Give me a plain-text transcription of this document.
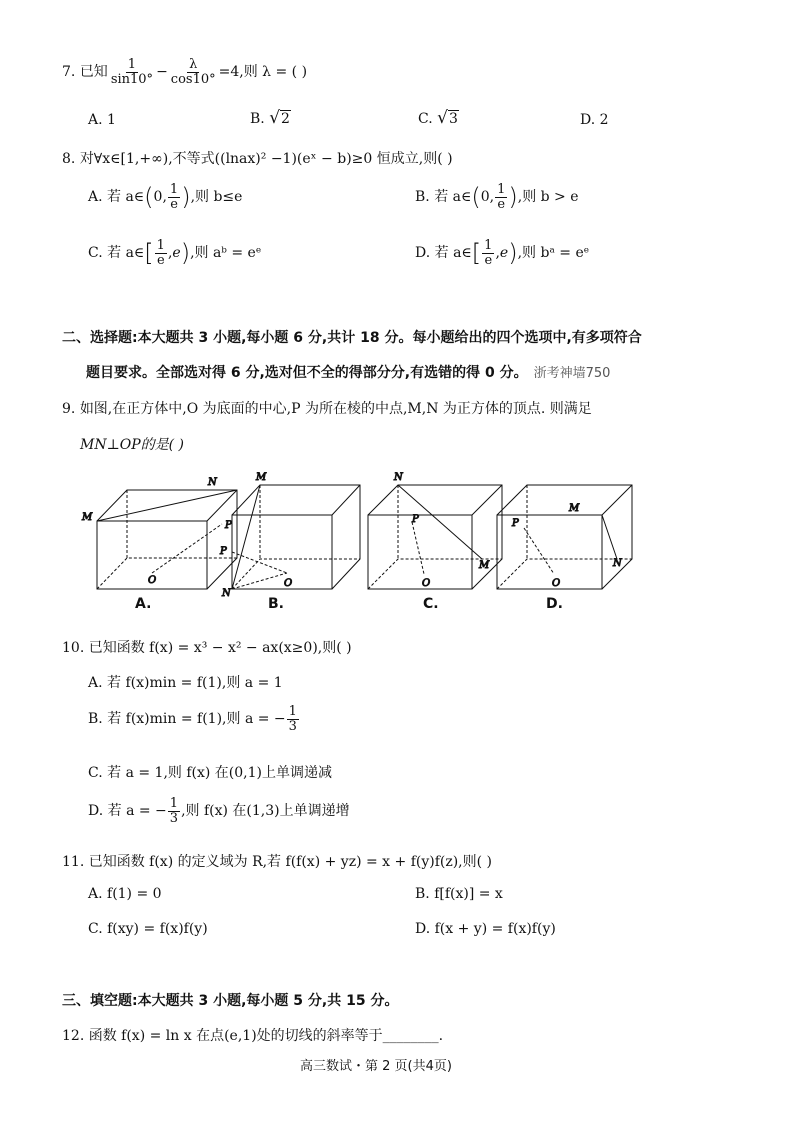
7. 已知 $\frac{1}{\sin 10^\circ} - \frac{\lambda}{\cos 10^\circ} =4$,则 λ = ( )
A. 1	B. √2	C. √3	D. 2
8. 对∀x∈[1,+∞),不等式((lnax)² −1)(eˣ − b)≥0 恒成立,则( )
A. 若 a∈(0, $\frac{1}{e}$ ),则 b≤e	B. 若 a∈(0, $\frac{1}{e}$ ),则 b > e
C. 若 a∈[ $\frac{1}{e} ,e$),则 aᵇ = eᵉ	D. 若 a∈[ $\frac{1}{e} ,e$),则 bᵃ = eᵉ
二、选择题:本大题共 3 小题,每小题 6 分,共计 18 分。每小题给出的四个选项中,有多项符合
题目要求。全部选对得 6 分,选对但不全的得部分分,有选错的得 0 分。 浙考神墙750
9. 如图,在正方体中,O 为底面的中心,P 为所在棱的中点,M,N 为正方体的顶点. 则满足
MN⊥OP的是( )
M
N
P
O
M
P
N
O
N
P
M
O
M
P
N
O
A.	B.	C.	D.
10. 已知函数 f(x) = x³ − x² − ax(x≥0),则( )
A. 若 f(x)min = f(1),则 a = 1
B. 若 f(x)min = f(1),则 a = − $\frac{1}{3}$
C. 若 a = 1,则 f(x) 在(0,1)上单调递减
D. 若 a = − $\frac{1}{3}$ ,则 f(x) 在(1,3)上单调递增
11. 已知函数 f(x) 的定义域为 R,若 f(f(x) + yz) = x + f(y)f(z),则( )
A. f(1) = 0	B. f[f(x)] = x
C. f(xy) = f(x)f(y)	D. f(x + y) = f(x)f(y)
三、填空题:本大题共 3 小题,每小题 5 分,共 15 分。
12. 函数 f(x) = ln x 在点(e,1)处的切线的斜率等于________.
高三数试・第 2 页(共4页)
